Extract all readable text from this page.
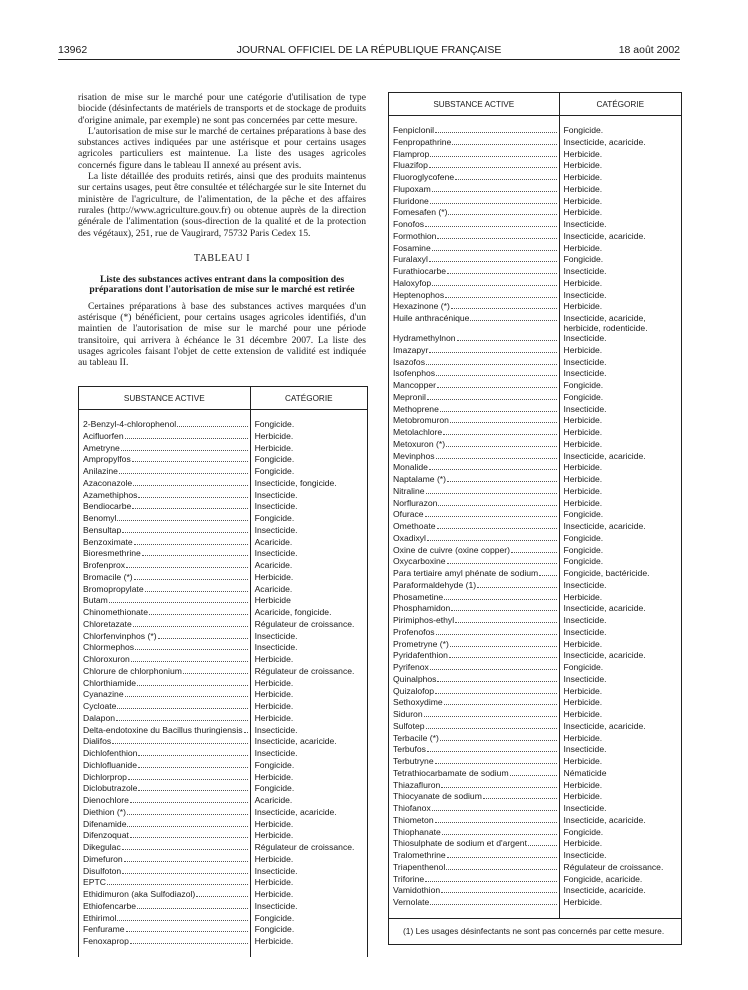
13962	JOURNAL OFFICIEL DE LA RÉPUBLIQUE FRANÇAISE	18 août 2002

risation de mise sur le marché pour une catégorie d'utilisation de type biocide (désinfectants de matériels de transports et de stockage de produits d'origine animale, par exemple) ne sont pas concernées par cette mesure.

L'autorisation de mise sur le marché de certaines préparations à base des substances actives indiquées par une astérisque et pour certains usages agricoles particuliers est maintenue. La liste des usages agricoles concernés figure dans le tableau II annexé au présent avis.

La liste détaillée des produits retirés, ainsi que des produits maintenus sur certains usages, peut être consultée et téléchargée sur le site Internet du ministère de l'agriculture, de l'alimentation, de la pêche et des affaires rurales (http://www.agriculture.gouv.fr) ou obtenue auprès de la direction générale de l'alimentation (sous-direction de la qualité et de la protection des végétaux), 251, rue de Vaugirard, 75732 Paris Cedex 15.

TABLEAU I
Liste des substances actives entrant dans la composition des préparations dont l'autorisation de mise sur le marché est retirée

Certaines préparations à base des substances actives marquées d'un astérisque (*) bénéficient, pour certains usages agricoles identifiés, d'un maintien de l'autorisation de mise sur le marché pour une période transitoire, qui arrivera à échéance le 31 décembre 2007. La liste des usages agricoles faisant l'objet de cette extension de validité est indiquée au tableau II.

SUBSTANCE ACTIVE	CATÉGORIE

2-Benzyl-4-chlorophenol	Fongicide.

Acifluorfen	Herbicide.

Ametryne	Herbicide.

Ampropylfos	Fongicide.

Anilazine	Fongicide.

Azaconazole	Insecticide, fongicide.

Azamethiphos	Insecticide.

Bendiocarbe	Insecticide.

Benomyl	Fongicide.

Bensultap	Insecticide.

Benzoximate	Acaricide.

Bioresmethrine	Insecticide.

Brofenprox	Acaricide.

Bromacile (*)	Herbicide.

Bromopropylate	Acaricide.

Butam	Herbicide

Chinomethionate	Acaricide, fongicide.

Chloretazate	Régulateur de croissance.

Chlorfenvinphos (*)	Insecticide.

Chlormephos	Insecticide.

Chloroxuron	Herbicide.

Chlorure de chlorphonium	Régulateur de croissance.

Chlorthiamide	Herbicide.

Cyanazine	Herbicide.

Cycloate	Herbicide.

Dalapon	Herbicide.

Delta-endotoxine du Bacillus thuringiensis	Insecticide.

Dialifos	Insecticide, acaricide.

Dichlofenthion	Insecticide.

Dichlofluanide	Fongicide.

Dichlorprop	Herbicide.

Diclobutrazole	Fongicide.

Dienochlore	Acaricide.

Diethion (*)	Insecticide, acaricide.

Difenamide	Herbicide.

Difenzoquat	Herbicide.

Dikegulac	Régulateur de croissance.

Dimefuron	Herbicide.

Disulfoton	Insecticide.

EPTC	Herbicide.

Ethidimuron (aka Sulfodiazol)	Herbicide.

Ethiofencarbe	Insecticide.

Ethirimol	Fongicide.

Fenfurame	Fongicide.

Fenoxaprop	Herbicide.

SUBSTANCE ACTIVE	CATÉGORIE

Fenpiclonil	Fongicide.

Fenpropathrine	Insecticide, acaricide.

Flamprop	Herbicide.

Fluazifop	Herbicide.

Fluoroglycofene	Herbicide.

Flupoxam	Herbicide.

Fluridone	Herbicide.

Fomesafen (*)	Herbicide.

Fonofos	Insecticide.

Formothion	Insecticide, acaricide.

Fosamine	Herbicide.

Furalaxyl	Fongicide.

Furathiocarbe	Insecticide.

Haloxyfop	Herbicide.

Heptenophos	Insecticide.

Hexazinone (*)	Herbicide.

Huile anthracénique	Insecticide, acaricide, herbicide, rodenticide.

Hydramethylnon	Insecticide.

Imazapyr	Herbicide.

Isazofos	Insecticide.

Isofenphos	Insecticide.

Mancopper	Fongicide.

Mepronil	Fongicide.

Methoprene	Insecticide.

Metobromuron	Herbicide.

Metolachlore	Herbicide.

Metoxuron (*)	Herbicide.

Mevinphos	Insecticide, acaricide.

Monalide	Herbicide.

Naptalame (*)	Herbicide.

Nitraline	Herbicide.

Norflurazon	Herbicide.

Ofurace	Fongicide.

Omethoate	Insecticide, acaricide.

Oxadixyl	Fongicide.

Oxine de cuivre (oxine copper)	Fongicide.

Oxycarboxine	Fongicide.

Para tertiaire amyl phénate de sodium	Fongicide, bactéricide.

Paraformaldehyde (1)	Insecticide.

Phosametine	Herbicide.

Phosphamidon	Insecticide, acaricide.

Pirimiphos-ethyl	Insecticide.

Profenofos	Insecticide.

Prometryne (*)	Herbicide.

Pyridafenthion	Insecticide, acaricide.

Pyrifenox	Fongicide.

Quinalphos	Insecticide.

Quizalofop	Herbicide.

Sethoxydime	Herbicide.

Siduron	Herbicide.

Sulfotep	Insecticide, acaricide.

Terbacile (*)	Herbicide.

Terbufos	Insecticide.

Terbutryne	Herbicide.

Tetrathiocarbamate de sodium	Nématicide

Thiazafluron	Herbicide.

Thiocyanate de sodium	Herbicide.

Thiofanox	Insecticide.

Thiometon	Insecticide, acaricide.

Thiophanate	Fongicide.

Thiosulphate de sodium et d'argent	Herbicide.

Tralomethrine	Insecticide.

Triapenthenol	Régulateur de croissance.

Triforine	Fongicide, acaricide.

Vamidothion	Insecticide, acaricide.

Vernolate	Herbicide.

(1) Les usages désinfectants ne sont pas concernés par cette mesure.
